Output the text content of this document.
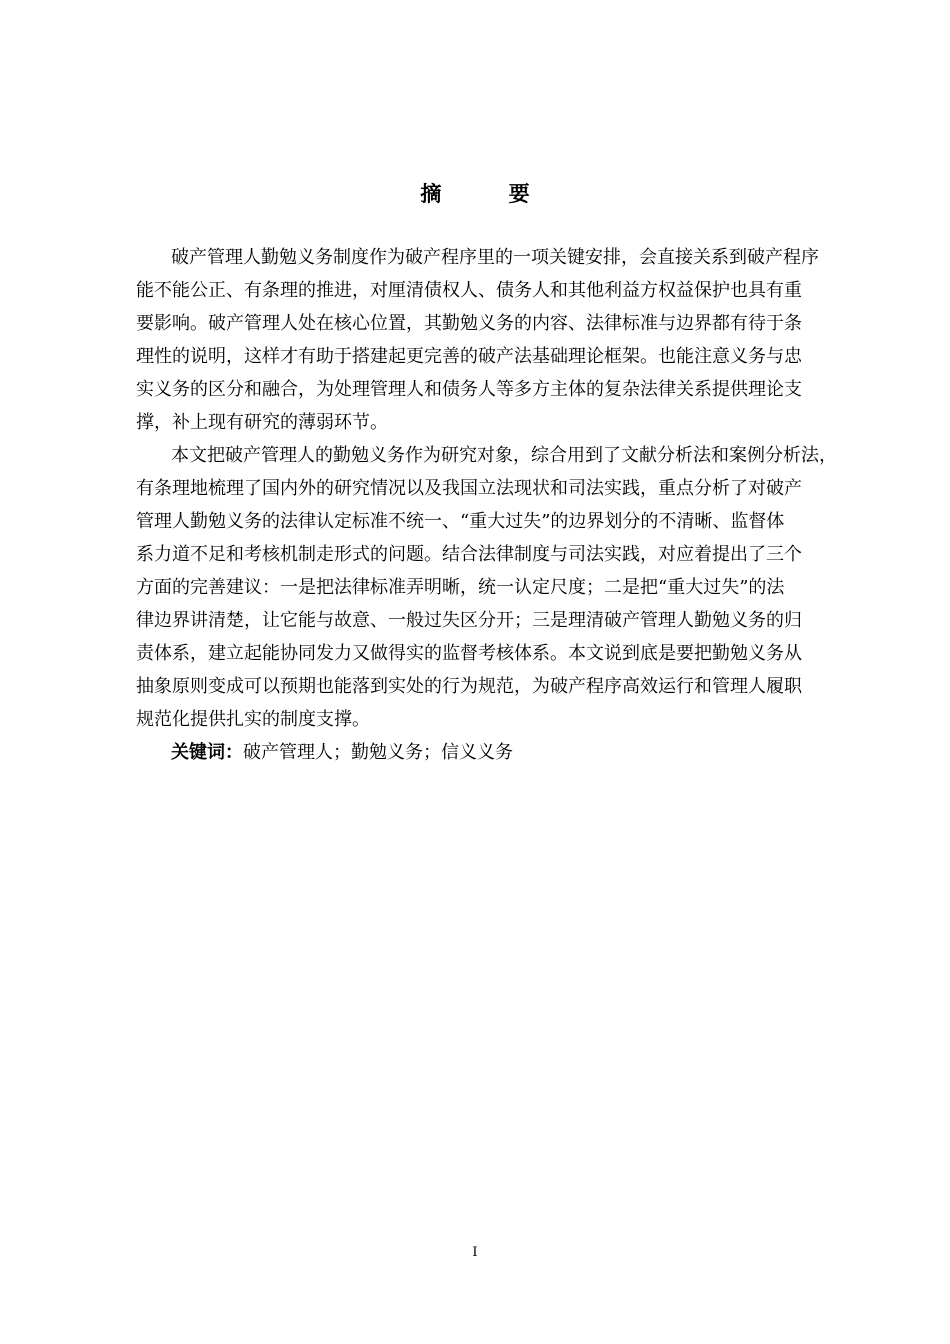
摘 要
破产管理人勤勉义务制度作为破产程序里的一项关键安排，会直接关系到破产程序
能不能公正、有条理的推进，对厘清债权人、债务人和其他利益方权益保护也具有重
要影响。破产管理人处在核心位置，其勤勉义务的内容、法律标准与边界都有待于条
理性的说明，这样才有助于搭建起更完善的破产法基础理论框架。也能注意义务与忠
实义务的区分和融合，为处理管理人和债务人等多方主体的复杂法律关系提供理论支
撑，补上现有研究的薄弱环节。
本文把破产管理人的勤勉义务作为研究对象，综合用到了文献分析法和案例分析法，
有条理地梳理了国内外的研究情况以及我国立法现状和司法实践，重点分析了对破产
管理人勤勉义务的法律认定标准不统一、“重大过失”的边界划分的不清晰、监督体
系力道不足和考核机制走形式的问题。结合法律制度与司法实践，对应着提出了三个
方面的完善建议：一是把法律标准弄明晰，统一认定尺度；二是把“重大过失”的法
律边界讲清楚，让它能与故意、一般过失区分开；三是理清破产管理人勤勉义务的归
责体系，建立起能协同发力又做得实的监督考核体系。本文说到底是要把勤勉义务从
抽象原则变成可以预期也能落到实处的行为规范，为破产程序高效运行和管理人履职
规范化提供扎实的制度支撑。
关键词：破产管理人；勤勉义务；信义义务
I
